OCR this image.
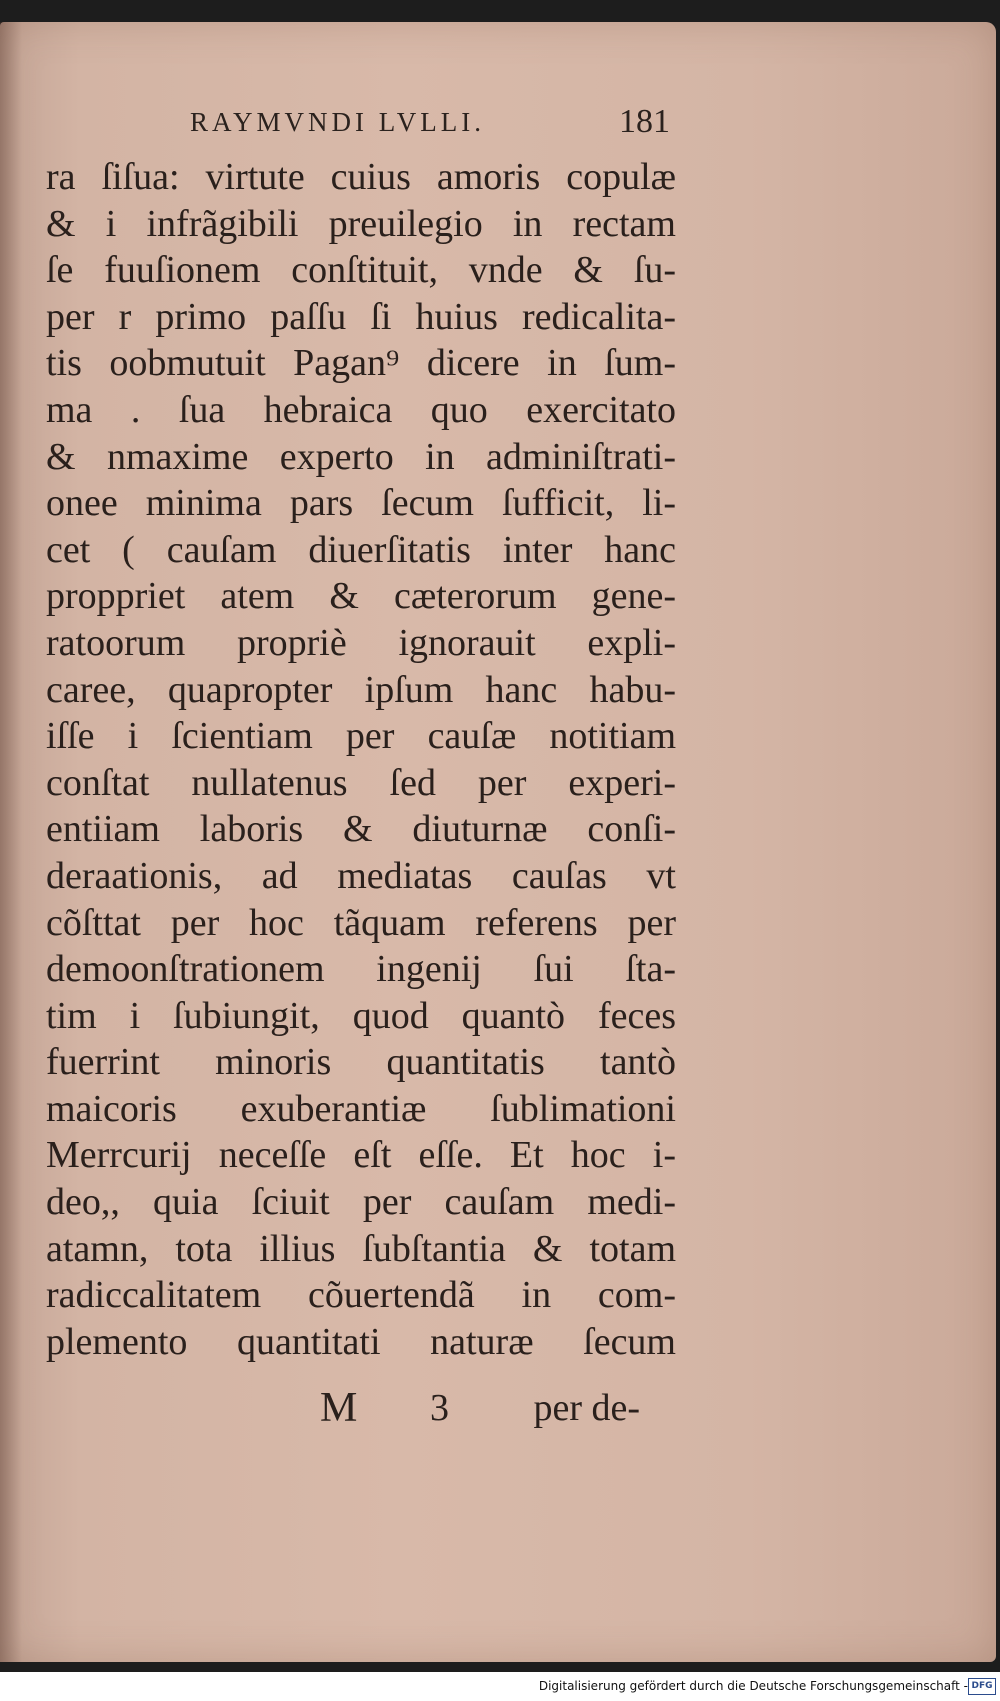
RAYMVNDI LVLLI.	181
ra ſiſua: virtute cuius amoris copulæ
& i infrãgibili preuilegio in rectam
ſe fuuſionem conſtituit, vnde & ſu-
per r primo paſſu ſi huius redicalita-
tis oobmutuit Pagan⁹ dicere in ſum-
ma . ſua hebraica quo exercitato
& nmaxime experto in adminiſtrati-
onee minima pars ſecum ſufficit, li-
cet ( cauſam diuerſitatis inter hanc
proppriet atem & cæterorum gene-
ratoorum propriè ignorauit expli-
caree, quapropter ipſum hanc habu-
iſſe i ſcientiam per cauſæ notitiam
conſtat nullatenus ſed per experi-
entiiam laboris & diuturnæ conſi-
deraationis, ad mediatas cauſas vt
cõſttat per hoc tãquam referens per
demoonſtrationem ingenij ſui ſta-
tim i ſubiungit, quod quantò feces
fuerrint minoris quantitatis tantò
maicoris exuberantiæ ſublimationi
Merrcurij neceſſe eſt eſſe. Et hoc i-
deo,, quia ſciuit per cauſam medi-
atamn, tota illius ſubſtantia & totam
radiccalitatem cõuertendã in com-
plemento quantitati naturæ ſecum
M 3 per de-
Digitalisierung gefördert durch die Deutsche Forschungsgemeinschaft - DFG
